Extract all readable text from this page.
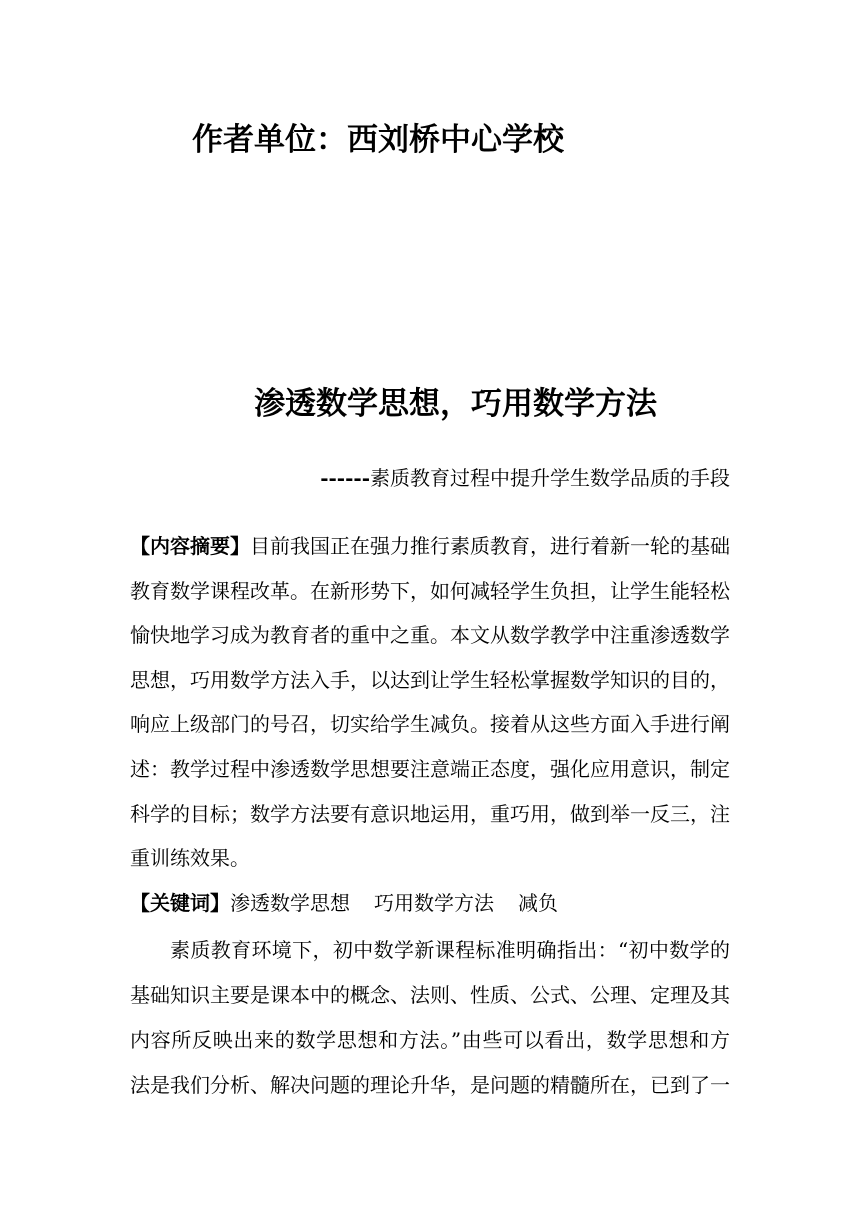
作者单位：西刘桥中心学校
渗透数学思想，巧用数学方法
------素质教育过程中提升学生数学品质的手段

【内容摘要】目前我国正在强力推行素质教育，进行着新一轮的基础教育数学课程改革。在新形势下，如何减轻学生负担，让学生能轻松愉快地学习成为教育者的重中之重。本文从数学教学中注重渗透数学思想，巧用数学方法入手，以达到让学生轻松掌握数学知识的目的，响应上级部门的号召，切实给学生减负。接着从这些方面入手进行阐述：教学过程中渗透数学思想要注意端正态度，强化应用意识，制定科学的目标；数学方法要有意识地运用，重巧用，做到举一反三，注重训练效果。

【关键词】渗透数学思想 巧用数学方法 减负

素质教育环境下，初中数学新课程标准明确指出：“初中数学的基础知识主要是课本中的概念、法则、性质、公式、公理、定理及其内容所反映出来的数学思想和方法。”由些可以看出，数学思想和方法是我们分析、解决问题的理论升华，是问题的精髓所在，已到了一
